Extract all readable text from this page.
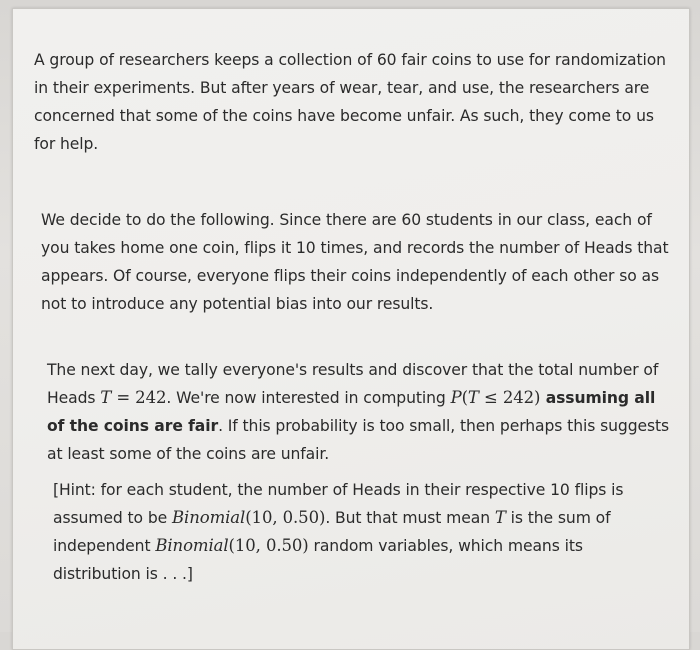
A group of researchers keeps a collection of 60 fair coins to use for randomization in their experiments. But after years of wear, tear, and use, the researchers are concerned that some of the coins have become unfair. As such, they come to us for help.
We decide to do the following. Since there are 60 students in our class, each of you takes home one coin, flips it 10 times, and records the number of Heads that appears. Of course, everyone flips their coins independently of each other so as not to introduce any potential bias into our results.
The next day, we tally everyone's results and discover that the total number of Heads T = 242. We're now interested in computing P(T ≤ 242) assuming all of the coins are fair. If this probability is too small, then perhaps this suggests at least some of the coins are unfair.
[Hint: for each student, the number of Heads in their respective 10 flips is assumed to be Binomial(10, 0.50). But that must mean T is the sum of independent Binomial(10, 0.50) random variables, which means its distribution is . . .]
